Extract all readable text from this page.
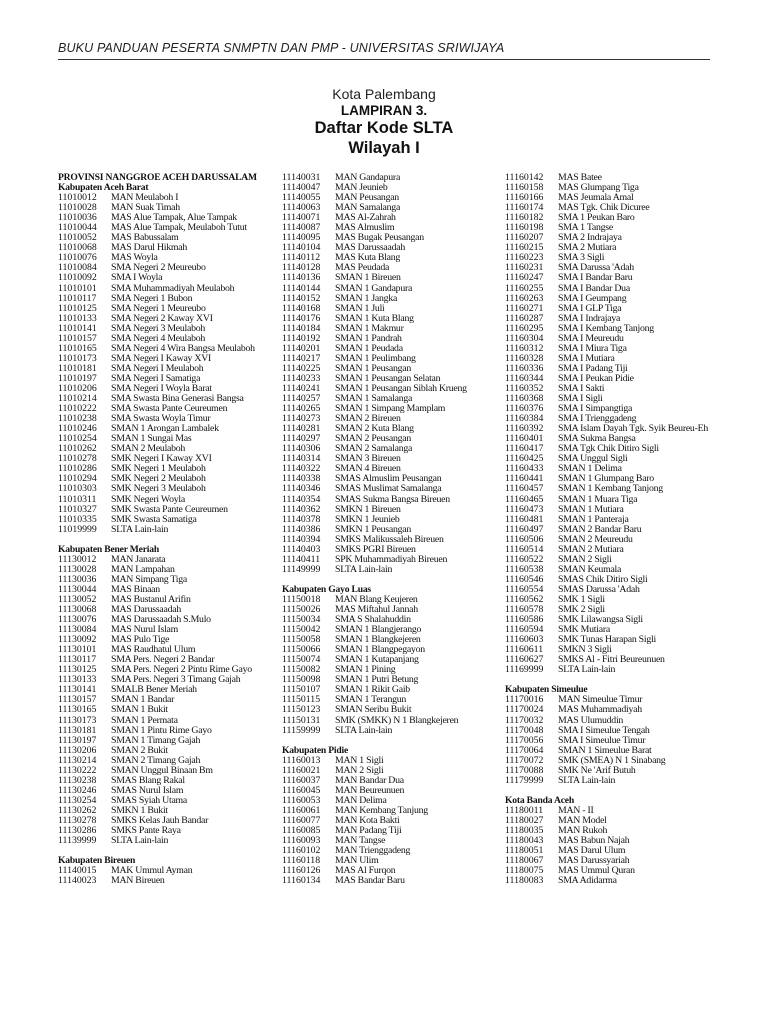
BUKU PANDUAN PESERTA SNMPTN DAN PMP - UNIVERSITAS SRIWIJAYA
Kota Palembang
LAMPIRAN 3.
Daftar Kode SLTA
Wilayah I
PROVINSI NANGGROE ACEH DARUSSALAM
Kabupaten Aceh Barat
11010012 MAN Meulaboh I
11010028 MAN Suak Timah
11010036 MAS Alue Tampak, Alue Tampak
11010044 MAS Alue Tampak, Meulaboh Tutut
11010052 MAS Babussalam
11010068 MAS Darul Hikmah
11010076 MAS Woyla
11010084 SMA Negeri 2 Meureubo
11010092 SMA I Woyla
11010101 SMA Muhammadiyah Meulaboh
11010117 SMA Negeri 1 Bubon
11010125 SMA Negeri 1 Meureubo
11010133 SMA Negeri 2 Kaway XVI
11010141 SMA Negeri 3 Meulaboh
11010157 SMA Negeri 4 Meulaboh
11010165 SMA Negeri 4 Wira Bangsa Meulaboh
11010173 SMA Negeri I Kaway XVI
11010181 SMA Negeri I Meulaboh
11010197 SMA Negeri I Samatiga
11010206 SMA Negeri I Woyla Barat
11010214 SMA Swasta Bina Generasi Bangsa
11010222 SMA Swasta Pante Ceureumen
11010238 SMA Swasta Woyla Timur
11010246 SMAN 1 Arongan Lambalek
11010254 SMAN 1 Sungai Mas
11010262 SMAN 2 Meulaboh
11010278 SMK Negeri I Kaway XVI
11010286 SMK Negeri 1 Meulaboh
11010294 SMK Negeri 2 Meulaboh
11010303 SMK Negeri 3 Meulaboh
11010311 SMK Negeri Woyla
11010327 SMK Swasta Pante Ceureumen
11010335 SMK Swasta Samatiga
11019999 SLTA Lain-lain
Kabupaten Bener Meriah
11130012 MAN Janarata
11130028 MAN Lampahan
11130036 MAN Simpang Tiga
11130044 MAS Binaan
11130052 MAS Bustanul Arifin
11130068 MAS Darussaadah
11130076 MAS Darussaadah S.Mulo
11130084 MAS Nurul Islam
11130092 MAS Pulo Tige
11130101 MAS Raudhatul Ulum
11130117 SMA Pers. Negeri 2 Bandar
11130125 SMA Pers. Negeri 2 Pintu Rime Gayo
11130133 SMA Pers. Negeri 3 Timang Gajah
11130141 SMALB Bener Meriah
11130157 SMAN 1 Bandar
11130165 SMAN 1 Bukit
11130173 SMAN 1 Permata
11130181 SMAN 1 Pintu Rime Gayo
11130197 SMAN 1 Timang Gajah
11130206 SMAN 2 Bukit
11130214 SMAN 2 Timang Gajah
11130222 SMAN Unggul Binaan Bm
11130238 SMAS Blang Rakal
11130246 SMAS Nurul Islam
11130254 SMAS Syiah Utama
11130262 SMKN 1 Bukit
11130278 SMKS Kelas Jauh Bandar
11130286 SMKS Pante Raya
11139999 SLTA Lain-lain
Kabupaten Bireuen
11140015 MAK Ummul Ayman
11140023 MAN Bireuen
11140031 MAN Gandapura
11140047 MAN Jeunieb
11140055 MAN Peusangan
11140063 MAN Samalanga
11140071 MAS Al-Zahrah
11140087 MAS Almuslim
11140095 MAS Bugak Peusangan
11140104 MAS Darussaadah
11140112 MAS Kuta Blang
11140128 MAS Peudada
11140136 SMAN 1 Bireuen
11140144 SMAN 1 Gandapura
11140152 SMAN 1 Jangka
11140168 SMAN 1 Juli
11140176 SMAN 1 Kuta Blang
11140184 SMAN 1 Makmur
11140192 SMAN 1 Pandrah
11140201 SMAN 1 Peudada
11140217 SMAN 1 Peulimbang
11140225 SMAN 1 Peusangan
11140233 SMAN 1 Peusangan Selatan
11140241 SMAN 1 Peusangan Siblah Krueng
11140257 SMAN 1 Samalanga
11140265 SMAN 1 Simpang Mamplam
11140273 SMAN 2 Bireuen
11140281 SMAN 2 Kuta Blang
11140297 SMAN 2 Peusangan
11140306 SMAN 2 Samalanga
11140314 SMAN 3 Bireuen
11140322 SMAN 4 Bireuen
11140338 SMAS Almuslim Peusangan
11140346 SMAS Muslimat Samalanga
11140354 SMAS Sukma Bangsa Bireuen
11140362 SMKN 1 Bireuen
11140378 SMKN 1 Jeunieb
11140386 SMKN 1 Peusangan
11140394 SMKS Malikussaleh Bireuen
11140403 SMKS PGRI Bireuen
11140411 SPK Muhammadiyah Bireuen
11149999 SLTA Lain-lain
Kabupaten Gayo Luas
11150018 MAN Blang Keujeren
11150026 MAS Miftahul Jannah
11150034 SMA S Shalahuddin
11150042 SMAN 1 Blangjerango
11150058 SMAN 1 Blangkejeren
11150066 SMAN 1 Blangpegayon
11150074 SMAN 1 Kutapanjang
11150082 SMAN 1 Pining
11150098 SMAN 1 Putri Betung
11150107 SMAN 1 Rikit Gaib
11150115 SMAN 1 Terangun
11150123 SMAN Seribu Bukit
11150131 SMK (SMKK) N 1 Blangkejeren
11159999 SLTA Lain-lain
Kabupaten Pidie
11160013 MAN 1 Sigli
11160021 MAN 2 Sigli
11160037 MAN Bandar Dua
11160045 MAN Beureunuen
11160053 MAN Delima
11160061 MAN Kembang Tanjung
11160077 MAN Kota Bakti
11160085 MAN Padang Tiji
11160093 MAN Tangse
11160102 MAN Trienggadeng
11160118 MAN Ulim
11160126 MAS Al Furqon
11160134 MAS Bandar Baru
11160142 MAS Batee
11160158 MAS Glumpang Tiga
11160166 MAS Jeumala Amal
11160174 MAS Tgk. Chik Dicuree
11160182 SMA 1 Peukan Baro
11160198 SMA 1 Tangse
11160207 SMA 2 Indrajaya
11160215 SMA 2 Mutiara
11160223 SMA 3 Sigli
11160231 SMA Darussa 'Adah
11160247 SMA I Bandar Baru
11160255 SMA I Bandar Dua
11160263 SMA I Geumpang
11160271 SMA I GLP Tiga
11160287 SMA I Indrajaya
11160295 SMA I Kembang Tanjong
11160304 SMA I Meureudu
11160312 SMA I Miura Tiga
11160328 SMA I Mutiara
11160336 SMA I Padang Tiji
11160344 SMA I Peukan Pidie
11160352 SMA I Sakti
11160368 SMA I Sigli
11160376 SMA I Simpangtiga
11160384 SMA I Trienggadeng
11160392 SMA Islam Dayah Tgk. Syik Beureu-Eh
11160401 SMA Sukma Bangsa
11160417 SMA Tgk Chik Ditiro Sigli
11160425 SMA Unggul Sigli
11160433 SMAN 1 Delima
11160441 SMAN 1 Glumpang Baro
11160457 SMAN 1 Kembang Tanjong
11160465 SMAN 1 Muara Tiga
11160473 SMAN 1 Mutiara
11160481 SMAN 1 Panteraja
11160497 SMAN 2 Bandar Baru
11160506 SMAN 2 Meureudu
11160514 SMAN 2 Mutiara
11160522 SMAN 2 Sigli
11160538 SMAN Keumala
11160546 SMAS Chik Ditiro Sigli
11160554 SMAS Darussa 'Adah
11160562 SMK 1 Sigli
11160578 SMK 2 Sigli
11160586 SMK Lilawangsa Sigli
11160594 SMK Mutiara
11160603 SMK Tunas Harapan Sigli
11160611 SMKN 3 Sigli
11160627 SMKS Al - Fitri Beureunuen
11169999 SLTA Lain-lain
Kabupaten Simeulue
11170016 MAN Simeulue Timur
11170024 MAS Muhammadiyah
11170032 MAS Ulumuddin
11170048 SMA I Simeulue Tengah
11170056 SMA I Simeulue Timur
11170064 SMAN 1 Simeulue Barat
11170072 SMK (SMEA) N 1 Sinabang
11170088 SMK Ne 'Arif Butuh
11179999 SLTA Lain-lain
Kota Banda Aceh
11180011 MAN - II
11180027 MAN Model
11180035 MAN Rukoh
11180043 MAS Babun Najah
11180051 MAS Darul Ulum
11180067 MAS Darussyariah
11180075 MAS Ummul Quran
11180083 SMA Adidarma
